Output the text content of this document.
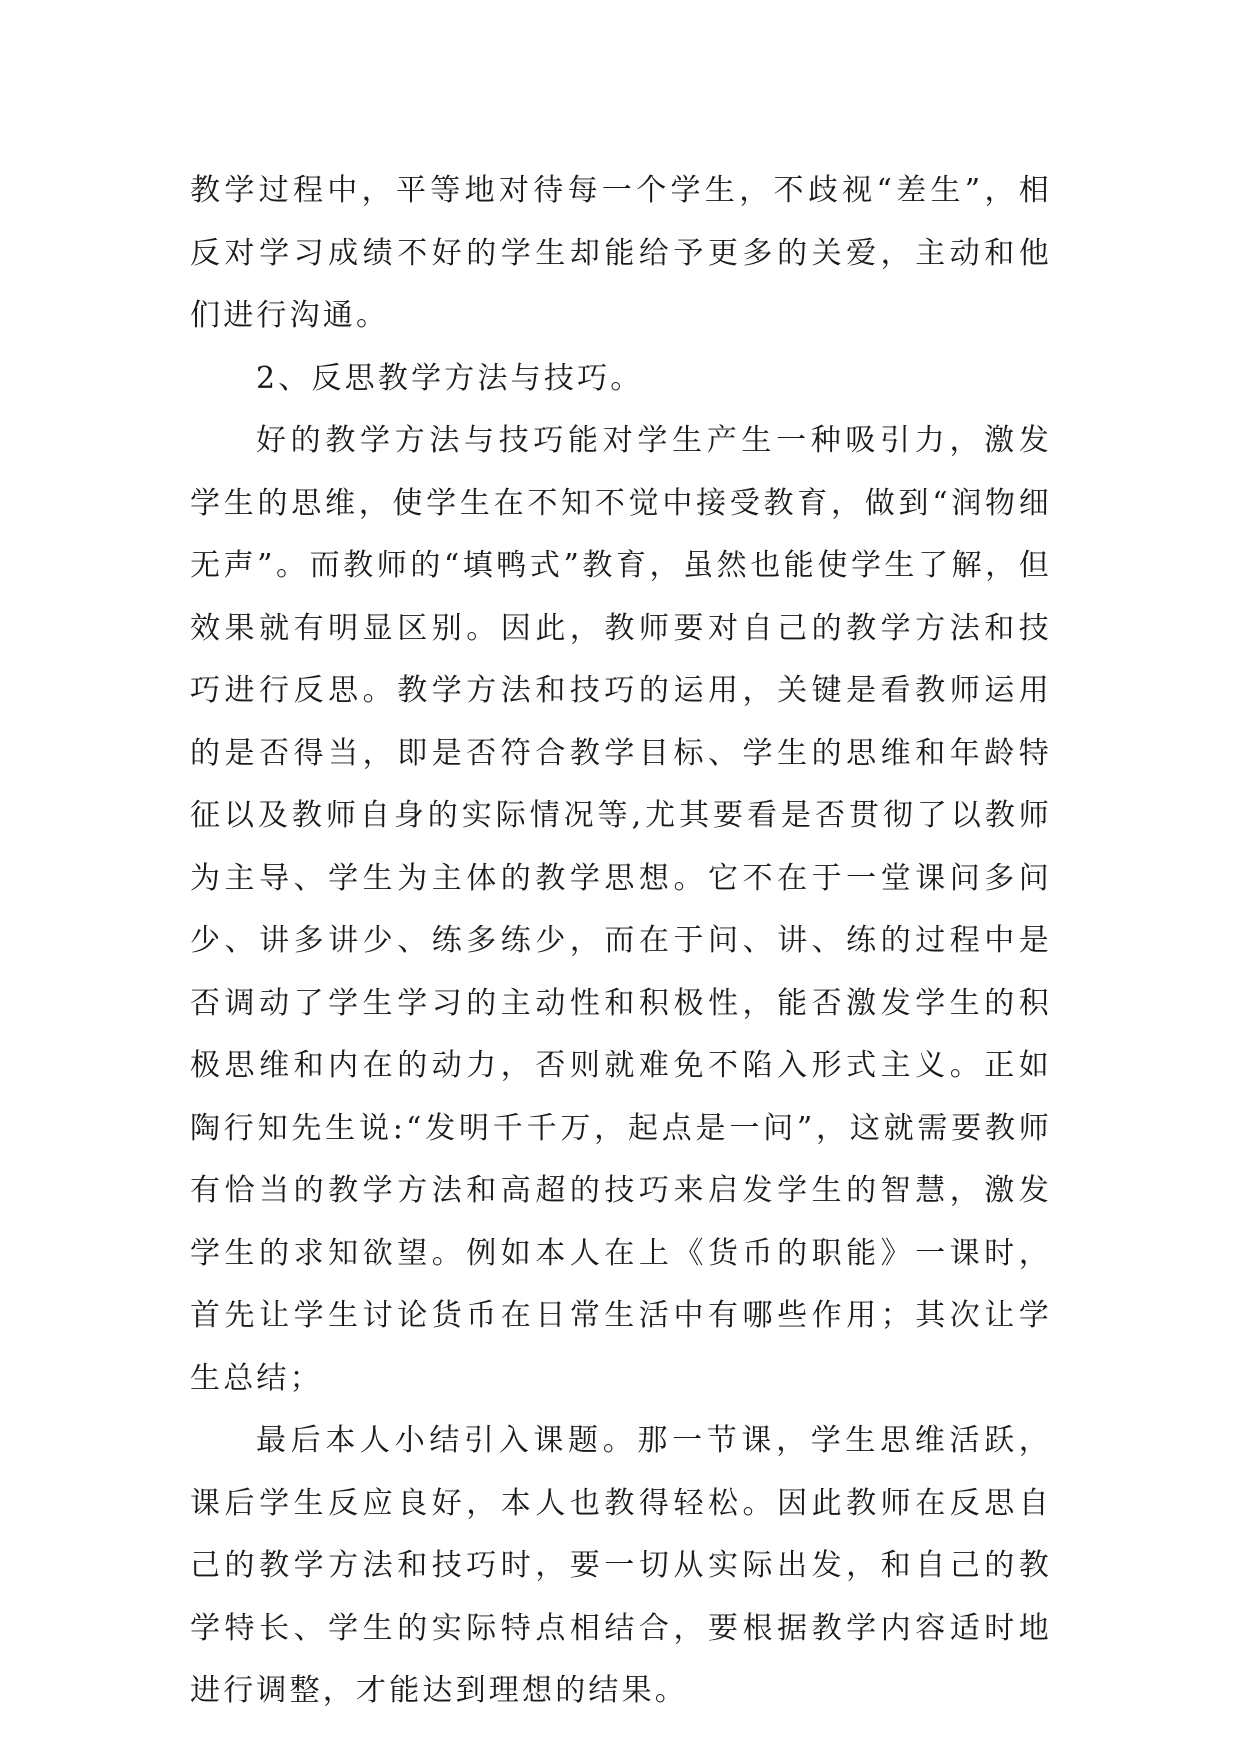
教学过程中，平等地对待每一个学生，不歧视“差生”，相反对学习成绩不好的学生却能给予更多的关爱，主动和他们进行沟通。

2、反思教学方法与技巧。

好的教学方法与技巧能对学生产生一种吸引力，激发学生的思维，使学生在不知不觉中接受教育，做到“润物细无声”。而教师的“填鸭式”教育，虽然也能使学生了解，但效果就有明显区别。因此，教师要对自己的教学方法和技巧进行反思。教学方法和技巧的运用，关键是看教师运用的是否得当，即是否符合教学目标、学生的思维和年龄特征以及教师自身的实际情况等,尤其要看是否贯彻了以教师为主导、学生为主体的教学思想。它不在于一堂课问多问少、讲多讲少、练多练少，而在于问、讲、练的过程中是否调动了学生学习的主动性和积极性，能否激发学生的积极思维和内在的动力，否则就难免不陷入形式主义。正如陶行知先生说:“发明千千万，起点是一问”，这就需要教师有恰当的教学方法和高超的技巧来启发学生的智慧，激发学生的求知欲望。例如本人在上《货币的职能》一课时，首先让学生讨论货币在日常生活中有哪些作用；其次让学生总结；

最后本人小结引入课题。那一节课，学生思维活跃，课后学生反应良好，本人也教得轻松。因此教师在反思自己的教学方法和技巧时，要一切从实际出发，和自己的教学特长、学生的实际特点相结合，要根据教学内容适时地进行调整，才能达到理想的结果。
